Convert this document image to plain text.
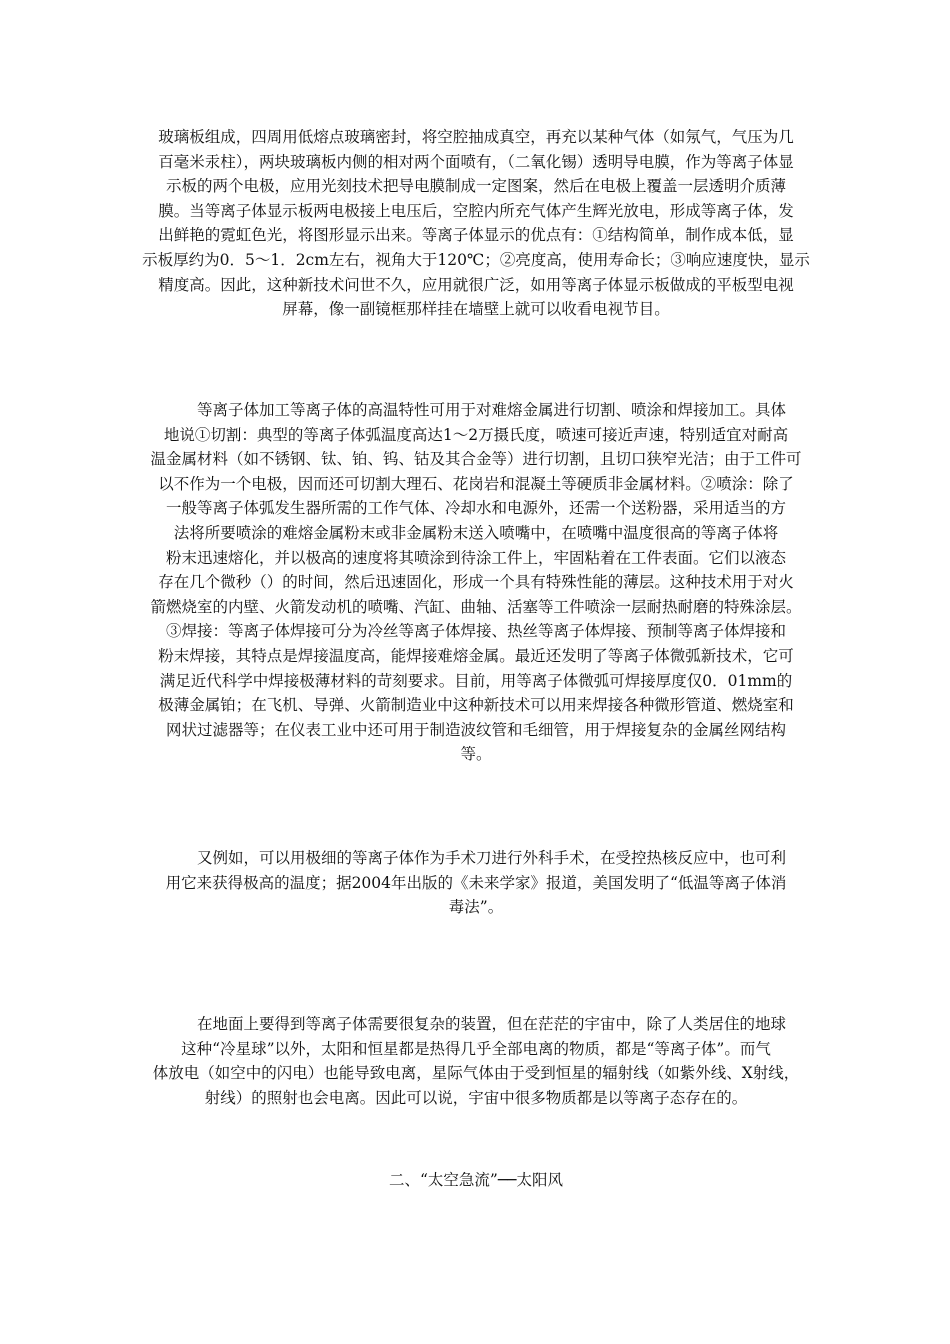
玻璃板组成，四周用低熔点玻璃密封，将空腔抽成真空，再充以某种气体（如氖气，气压为几
百毫米汞柱），两块玻璃板内侧的相对两个面喷有，（二氧化锡）透明导电膜，作为等离子体显
示板的两个电极，应用光刻技术把导电膜制成一定图案，然后在电极上覆盖一层透明介质薄
膜。当等离子体显示板两电极接上电压后，空腔内所充气体产生辉光放电，形成等离子体，发
出鲜艳的霓虹色光，将图形显示出来。等离子体显示的优点有：①结构简单，制作成本低，显
示板厚约为0．5～1．2cm左右，视角大于120℃；②亮度高，使用寿命长；③响应速度快，显示
精度高。因此，这种新技术问世不久，应用就很广泛，如用等离子体显示板做成的平板型电视
屏幕，像一副镜框那样挂在墙壁上就可以收看电视节目。
　　等离子体加工等离子体的高温特性可用于对难熔金属进行切割、喷涂和焊接加工。具体
地说①切割：典型的等离子体弧温度高达1～2万摄氏度，喷速可接近声速，特别适宜对耐高
温金属材料（如不锈钢、钛、铂、钨、钴及其合金等）进行切割，且切口狭窄光洁；由于工件可
以不作为一个电极，因而还可切割大理石、花岗岩和混凝土等硬质非金属材料。②喷涂：除了
一般等离子体弧发生器所需的工作气体、冷却水和电源外，还需一个送粉器，采用适当的方
法将所要喷涂的难熔金属粉末或非金属粉末送入喷嘴中，在喷嘴中温度很高的等离子体将
粉末迅速熔化，并以极高的速度将其喷涂到待涂工件上，牢固粘着在工件表面。它们以液态
存在几个微秒（）的时间，然后迅速固化，形成一个具有特殊性能的薄层。这种技术用于对火
箭燃烧室的内壁、火箭发动机的喷嘴、汽缸、曲轴、活塞等工件喷涂一层耐热耐磨的特殊涂层。
③焊接：等离子体焊接可分为冷丝等离子体焊接、热丝等离子体焊接、预制等离子体焊接和
粉末焊接，其特点是焊接温度高，能焊接难熔金属。最近还发明了等离子体微弧新技术，它可
满足近代科学中焊接极薄材料的苛刻要求。目前，用等离子体微弧可焊接厚度仅0．01mm的
极薄金属铂；在飞机、导弹、火箭制造业中这种新技术可以用来焊接各种微形管道、燃烧室和
网状过滤器等；在仪表工业中还可用于制造波纹管和毛细管，用于焊接复杂的金属丝网结构
等。
　　又例如，可以用极细的等离子体作为手术刀进行外科手术，在受控热核反应中，也可利
用它来获得极高的温度；据2004年出版的《未来学家》报道，美国发明了“低温等离子体消
毒法”。
　　在地面上要得到等离子体需要很复杂的装置，但在茫茫的宇宙中，除了人类居住的地球
这种“冷星球”以外，太阳和恒星都是热得几乎全部电离的物质，都是“等离子体”。而气
体放电（如空中的闪电）也能导致电离，星际气体由于受到恒星的辐射线（如紫外线、X射线，
射线）的照射也会电离。因此可以说，宇宙中很多物质都是以等离子态存在的。
二、“太空急流”──太阳风
